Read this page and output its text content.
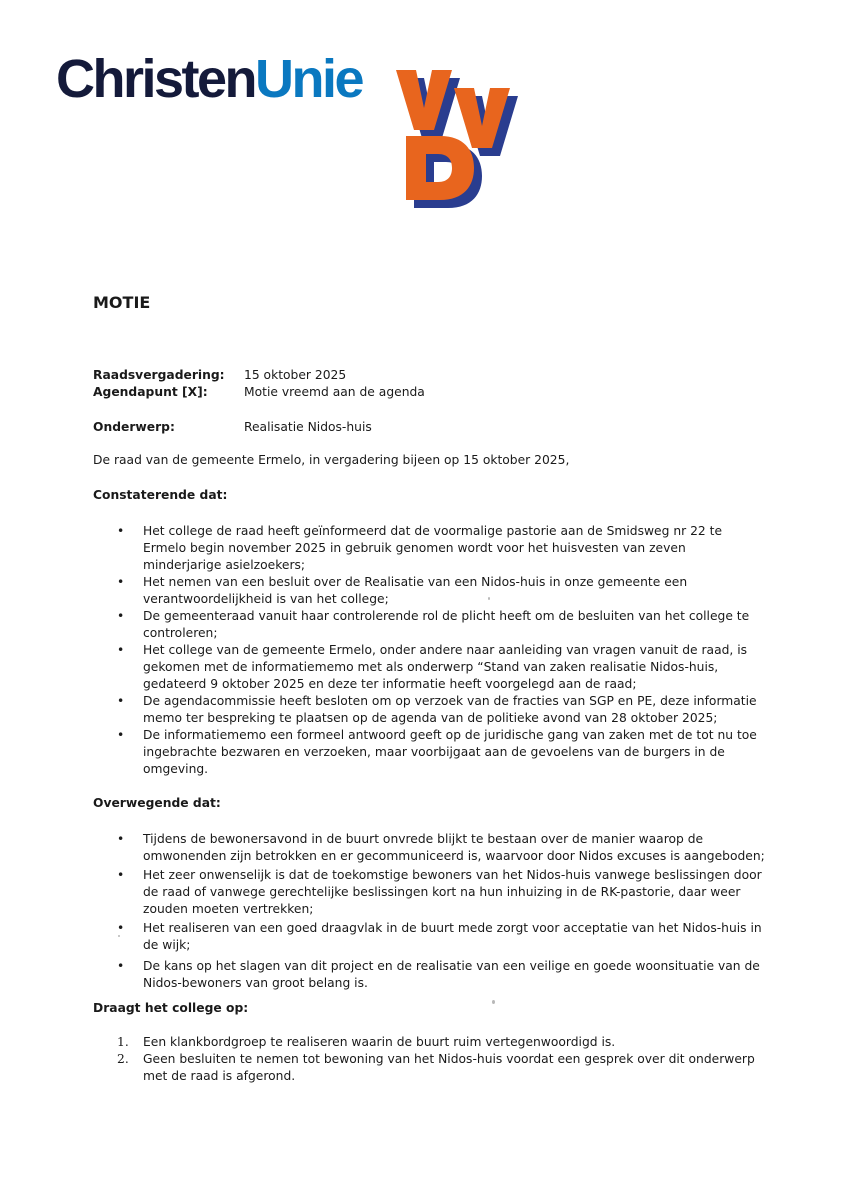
ChristenUnie
MOTIE
Raadsvergadering: 15 oktober 2025
Agendapunt [X]:	Motie vreemd aan de agenda
Onderwerp:	Realisatie Nidos-huis

De raad van de gemeente Ermelo, in vergadering bijeen op 15 oktober 2025,

Constaterende dat:
• Het college de raad heeft geïnformeerd dat de voormalige pastorie aan de Smidsweg nr 22 te Ermelo begin november 2025 in gebruik genomen wordt voor het huisvesten van zeven minderjarige asielzoekers;
• Het nemen van een besluit over de Realisatie van een Nidos-huis in onze gemeente een verantwoordelijkheid is van het college;
• De gemeenteraad vanuit haar controlerende rol de plicht heeft om de besluiten van het college te controleren;
• Het college van de gemeente Ermelo, onder andere naar aanleiding van vragen vanuit de raad, is gekomen met de informatiememo met als onderwerp “Stand van zaken realisatie Nidos-huis, gedateerd 9 oktober 2025 en deze ter informatie heeft voorgelegd aan de raad;
• De agendacommissie heeft besloten om op verzoek van de fracties van SGP en PE, deze informatie memo ter bespreking te plaatsen op de agenda van de politieke avond van 28 oktober 2025;
• De informatiememo een formeel antwoord geeft op de juridische gang van zaken met de tot nu toe ingebrachte bezwaren en verzoeken, maar voorbijgaat aan de gevoelens van de burgers in de omgeving.
Overwegende dat:
• Tijdens de bewonersavond in de buurt onvrede blijkt te bestaan over de manier waarop de omwonenden zijn betrokken en er gecommuniceerd is, waarvoor door Nidos excuses is aangeboden;
• Het zeer onwenselijk is dat de toekomstige bewoners van het Nidos-huis vanwege beslissingen door de raad of vanwege gerechtelijke beslissingen kort na hun inhuizing in de RK-pastorie, daar weer zouden moeten vertrekken;
• Het realiseren van een goed draagvlak in de buurt mede zorgt voor acceptatie van het Nidos-huis in de wijk;
• De kans op het slagen van dit project en de realisatie van een veilige en goede woonsituatie van de Nidos-bewoners van groot belang is.
Draagt het college op:
1. Een klankbordgroep te realiseren waarin de buurt ruim vertegenwoordigd is.
2. Geen besluiten te nemen tot bewoning van het Nidos-huis voordat een gesprek over dit onderwerp met de raad is afgerond.
